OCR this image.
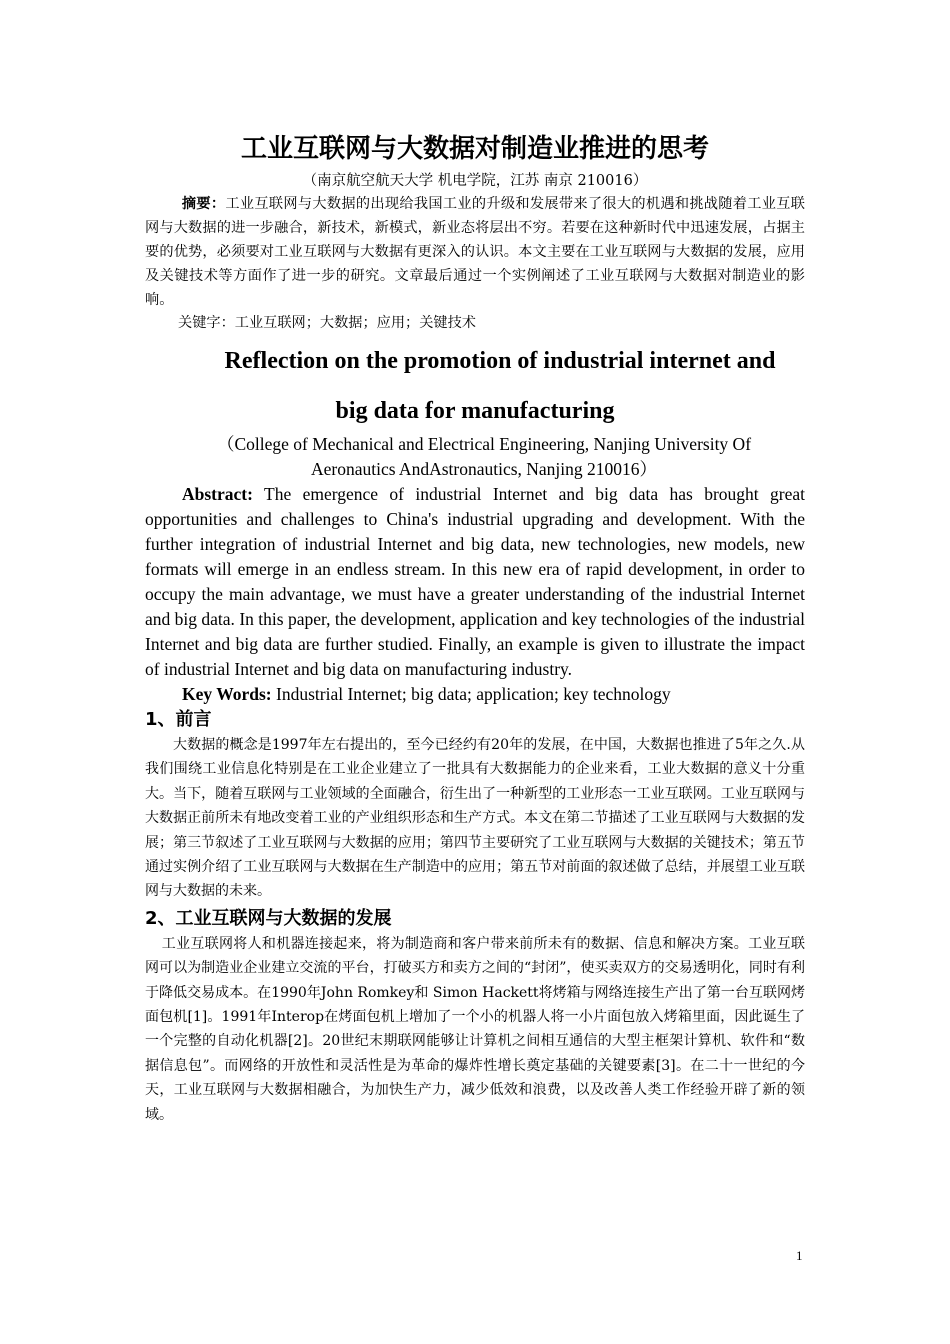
工业互联网与大数据对制造业推进的思考

（南京航空航天大学 机电学院，江苏 南京 210016）

摘要：工业互联网与大数据的出现给我国工业的升级和发展带来了很大的机遇和挑战随着工业互联网与大数据的进一步融合，新技术，新模式，新业态将层出不穷。若要在这种新时代中迅速发展，占据主要的优势，必须要对工业互联网与大数据有更深入的认识。本文主要在工业互联网与大数据的发展，应用及关键技术等方面作了进一步的研究。文章最后通过一个实例阐述了工业互联网与大数据对制造业的影响。

关键字：工业互联网；大数据；应用；关键技术

Reflection on the promotion of industrial internet and
big data for manufacturing

（College of Mechanical and Electrical Engineering, Nanjing University Of

Aeronautics AndAstronautics, Nanjing 210016）

Abstract: The emergence of industrial Internet and big data has brought great opportunities and challenges to China's industrial upgrading and development. With the further integration of industrial Internet and big data, new technologies, new models, new formats will emerge in an endless stream. In this new era of rapid development, in order to occupy the main advantage, we must have a greater understanding of the industrial Internet and big data. In this paper, the development, application and key technologies of the industrial Internet and big data are further studied. Finally, an example is given to illustrate the impact of industrial Internet and big data on manufacturing industry.

Key Words: Industrial Internet; big data; application; key technology

1、前言

大数据的概念是1997年左右提出的，至今已经约有20年的发展，在中国，大数据也推进了5年之久.从我们围绕工业信息化特别是在工业企业建立了一批具有大数据能力的企业来看，工业大数据的意义十分重大。当下，随着互联网与工业领域的全面融合，衍生出了一种新型的工业形态一工业互联网。工业互联网与大数据正前所未有地改变着工业的产业组织形态和生产方式。本文在第二节描述了工业互联网与大数据的发展；第三节叙述了工业互联网与大数据的应用；第四节主要研究了工业互联网与大数据的关键技术；第五节通过实例介绍了工业互联网与大数据在生产制造中的应用；第五节对前面的叙述做了总结，并展望工业互联网与大数据的未来。

2、工业互联网与大数据的发展

工业互联网将人和机器连接起来，将为制造商和客户带来前所未有的数据、信息和解决方案。工业互联网可以为制造业企业建立交流的平台，打破买方和卖方之间的“封闭”，使买卖双方的交易透明化，同时有利于降低交易成本。在1990年John Romkey和 Simon Hackett将烤箱与网络连接生产出了第一台互联网烤面包机[1]。1991年Interop在烤面包机上增加了一个小的机器人将一小片面包放入烤箱里面，因此诞生了一个完整的自动化机器[2]。20世纪末期联网能够让计算机之间相互通信的大型主框架计算机、软件和“数据信息包”。而网络的开放性和灵活性是为革命的爆炸性增长奠定基础的关键要素[3]。在二十一世纪的今天，工业互联网与大数据相融合，为加快生产力，减少低效和浪费，以及改善人类工作经验开辟了新的领域。

1
